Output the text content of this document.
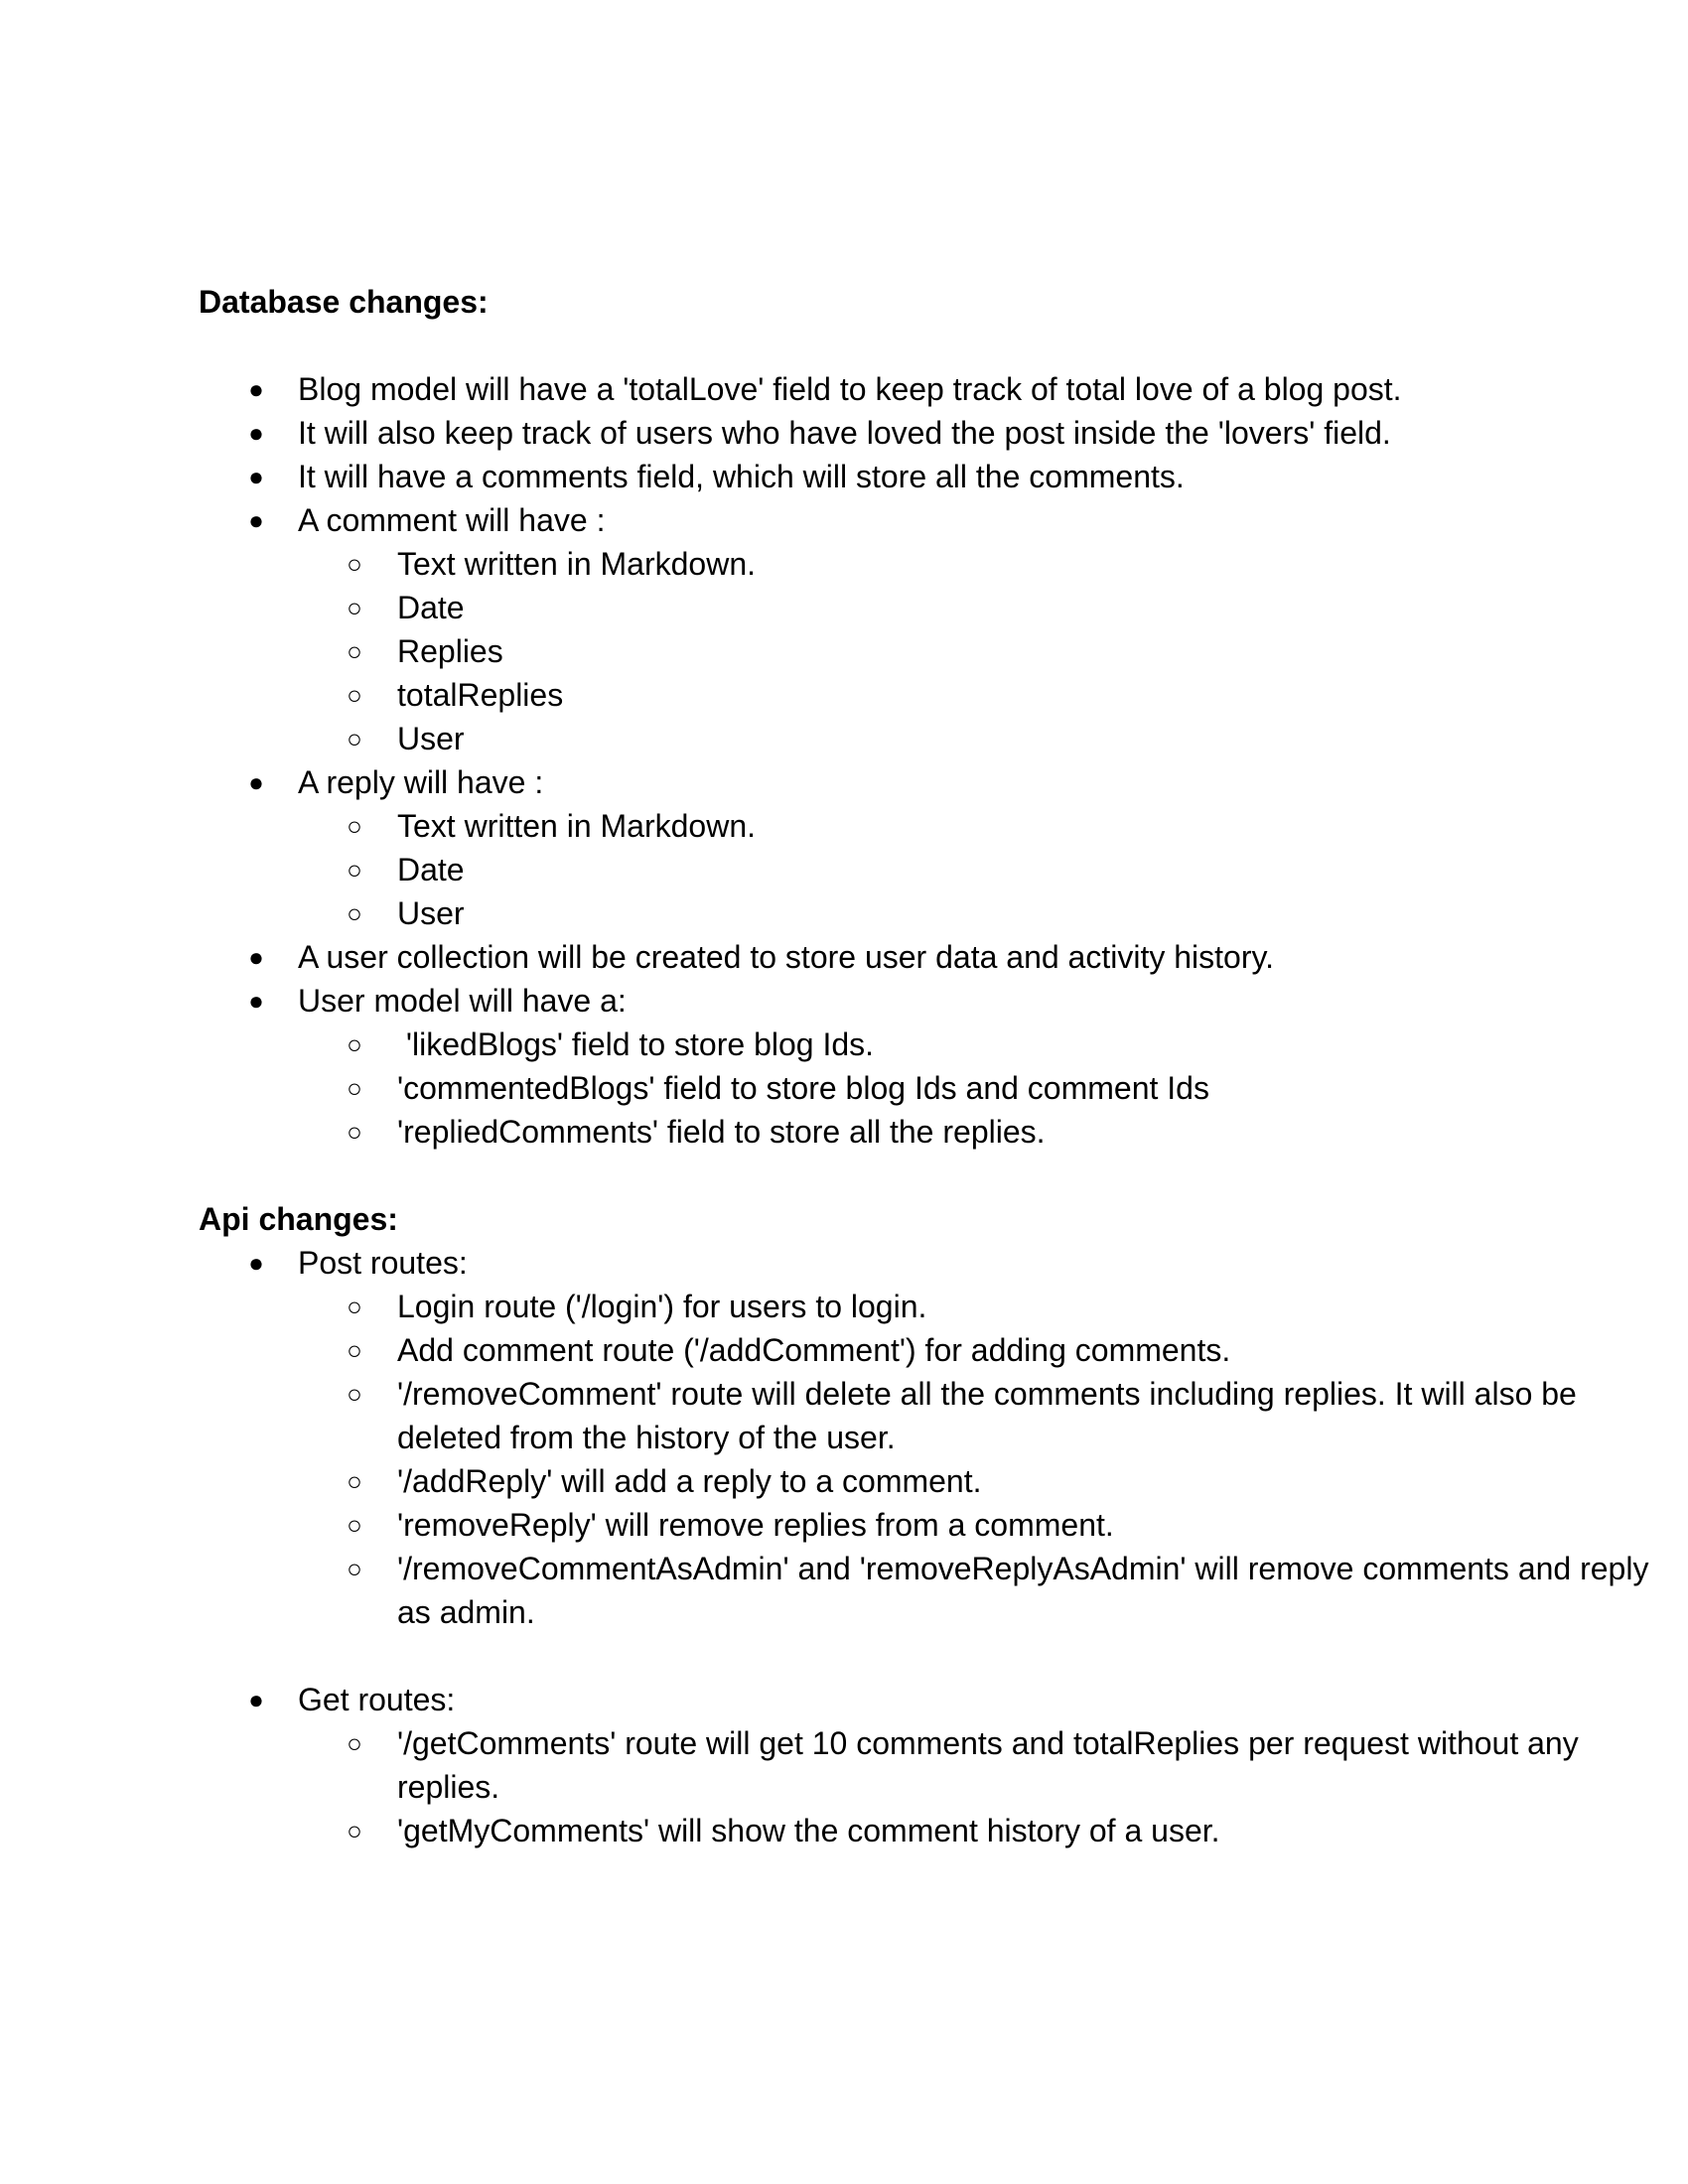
Database changes:
● Blog model will have a 'totalLove' field to keep track of total love of a blog post.
● It will also keep track of users who have loved the post inside the 'lovers' field.
● It will have a comments field, which will store all the comments.
● A comment will have :
○ Text written in Markdown.
○ Date
○ Replies
○ totalReplies
○ User
● A reply will have :
○ Text written in Markdown.
○ Date
○ User
● A user collection will be created to store user data and activity history.
● User model will have a:
○ 'likedBlogs' field to store blog Ids.
○ 'commentedBlogs' field to store blog Ids and comment Ids
○ 'repliedComments' field to store all the replies.
Api changes:
● Post routes:
○ Login route ('/login') for users to login.
○ Add comment route ('/addComment') for adding comments.
○ '/removeComment' route will delete all the comments including replies. It will also be deleted from the history of the user.
○ '/addReply' will add a reply to a comment.
○ 'removeReply' will remove replies from a comment.
○ '/removeCommentAsAdmin' and 'removeReplyAsAdmin' will remove comments and reply as admin.
● Get routes:
○ '/getComments' route will get 10 comments and totalReplies per request without any replies.
○ 'getMyComments' will show the comment history of a user.
